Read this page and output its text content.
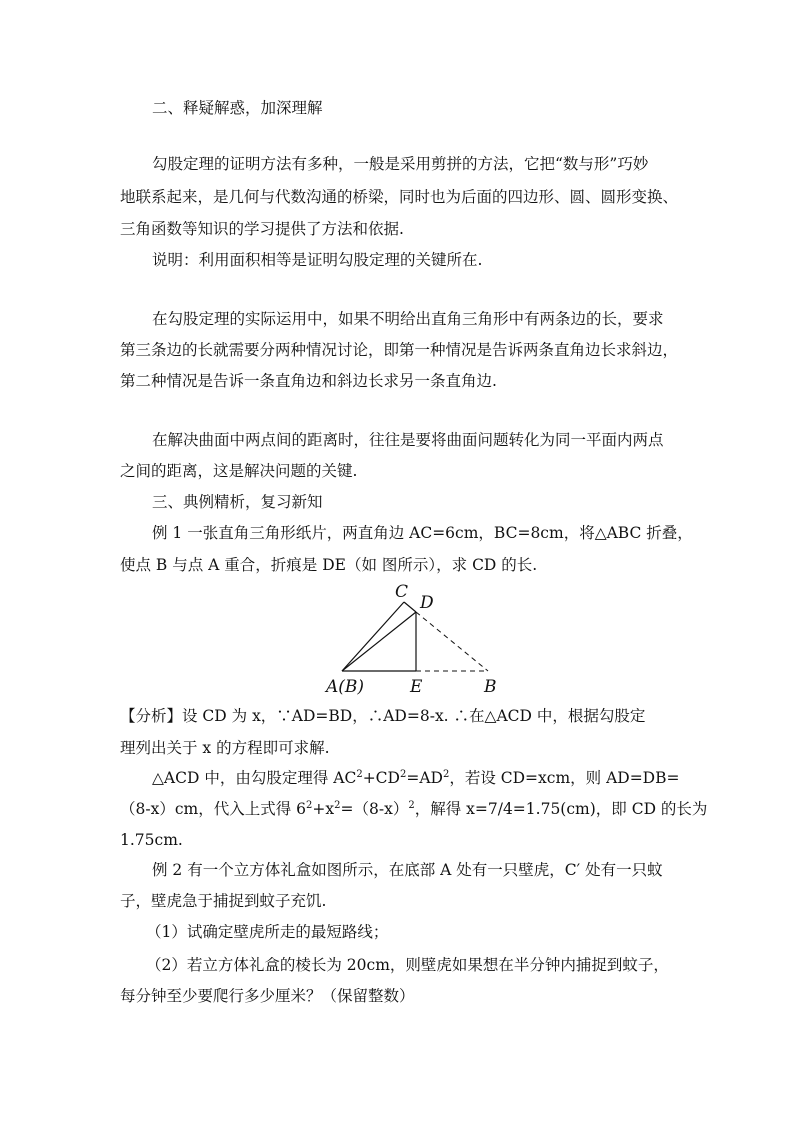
二、释疑解惑，加深理解
勾股定理的证明方法有多种，一般是采用剪拼的方法，它把“数与形”巧妙
地联系起来，是几何与代数沟通的桥梁，同时也为后面的四边形、圆、圆形变换、
三角函数等知识的学习提供了方法和依据.
说明：利用面积相等是证明勾股定理的关键所在.
在勾股定理的实际运用中，如果不明给出直角三角形中有两条边的长，要求
第三条边的长就需要分两种情况讨论，即第一种情况是告诉两条直角边长求斜边，
第二种情况是告诉一条直角边和斜边长求另一条直角边.
在解决曲面中两点间的距离时，往往是要将曲面问题转化为同一平面内两点
之间的距离，这是解决问题的关键.
三、典例精析，复习新知
例 1 一张直角三角形纸片，两直角边 AC=6cm，BC=8cm，将△ABC 折叠，
使点 B 与点 A 重合，折痕是 DE（如 图所示），求 CD 的长.
C
D
A(B)	E	B
【分析】设 CD 为 x，∵AD=BD，∴AD=8-x. ∴在△ACD 中，根据勾股定
理列出关于 x 的方程即可求解.
△ACD 中，由勾股定理得 $AC^2+CD^2=AD^2$，若设 CD=xcm，则 AD=DB=
（8-x）cm，代入上式得 $6^2+x^2=(8-x)^2$，解得 x=7/4=1.75(cm)，即 CD 的长为
1.75cm.
例 2 有一个立方体礼盒如图所示，在底部 A 处有一只壁虎，C′ 处有一只蚊
子，壁虎急于捕捉到蚊子充饥.
（1）试确定壁虎所走的最短路线；
（2）若立方体礼盒的棱长为 20cm，则壁虎如果想在半分钟内捕捉到蚊子，
每分钟至少要爬行多少厘米？（保留整数）
